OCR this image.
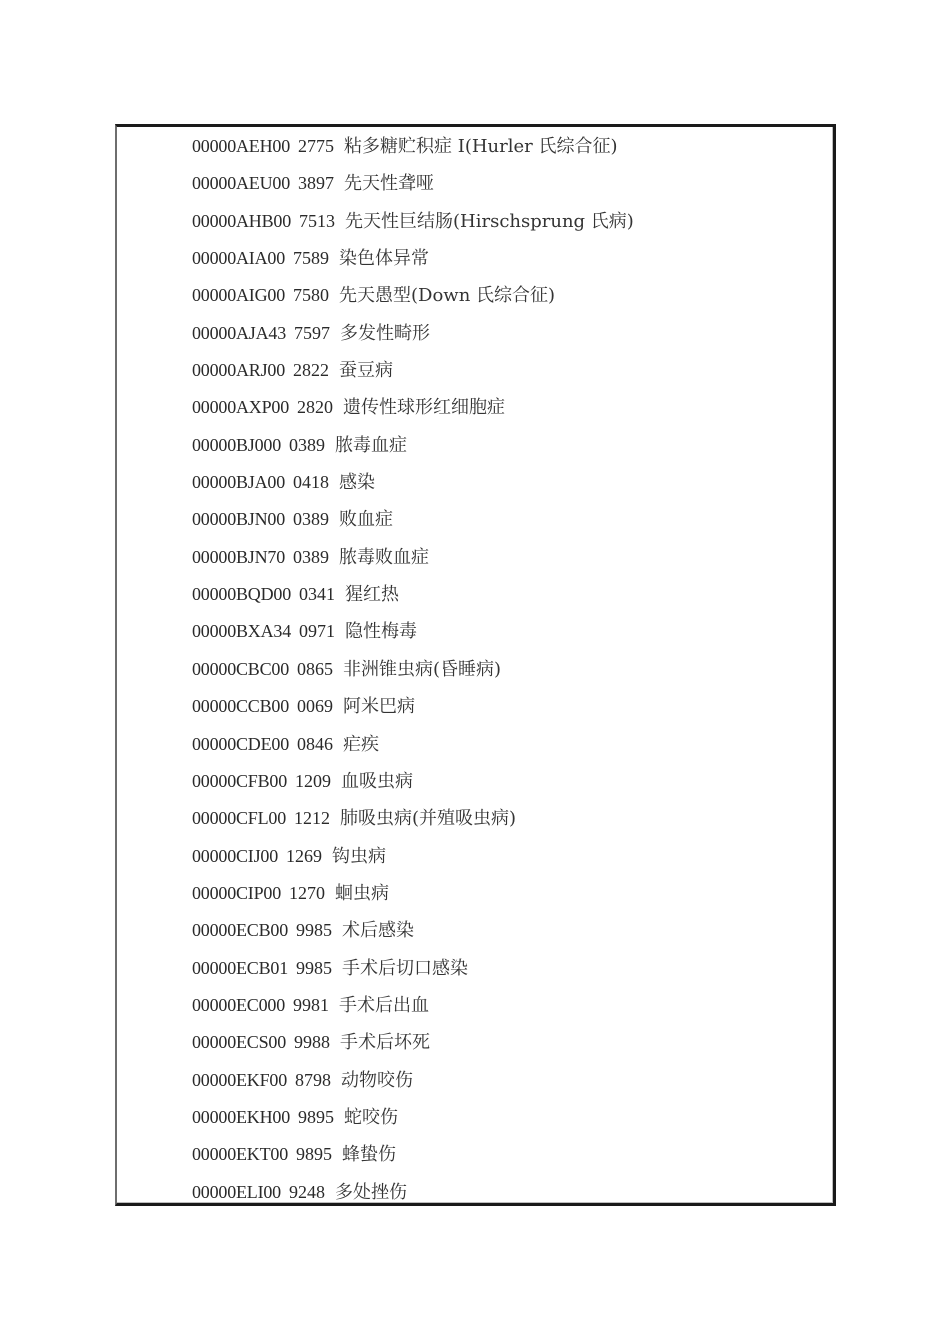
00000AEH00 2775 粘多糖贮积症 I(Hurler 氏综合征)
00000AEU00 3897 先天性聋哑
00000AHB00 7513 先天性巨结肠(Hirschsprung 氏病)
00000AIA00 7589 染色体异常
00000AIG00 7580 先天愚型(Down 氏综合征)
00000AJA43 7597 多发性畸形
00000ARJ00 2822 蚕豆病
00000AXP00 2820 遗传性球形红细胞症
00000BJ000 0389 脓毒血症
00000BJA00 0418 感染
00000BJN00 0389 败血症
00000BJN70 0389 脓毒败血症
00000BQD00 0341 猩红热
00000BXA34 0971 隐性梅毒
00000CBC00 0865 非洲锥虫病(昏睡病)
00000CCB00 0069 阿米巴病
00000CDE00 0846 疟疾
00000CFB00 1209 血吸虫病
00000CFL00 1212 肺吸虫病(并殖吸虫病)
00000CIJ00 1269 钩虫病
00000CIP00 1270 蛔虫病
00000ECB00 9985 术后感染
00000ECB01 9985 手术后切口感染
00000EC000 9981 手术后出血
00000ECS00 9988 手术后坏死
00000EKF00 8798 动物咬伤
00000EKH00 9895 蛇咬伤
00000EKT00 9895 蜂蛰伤
00000ELI00 9248 多处挫伤
